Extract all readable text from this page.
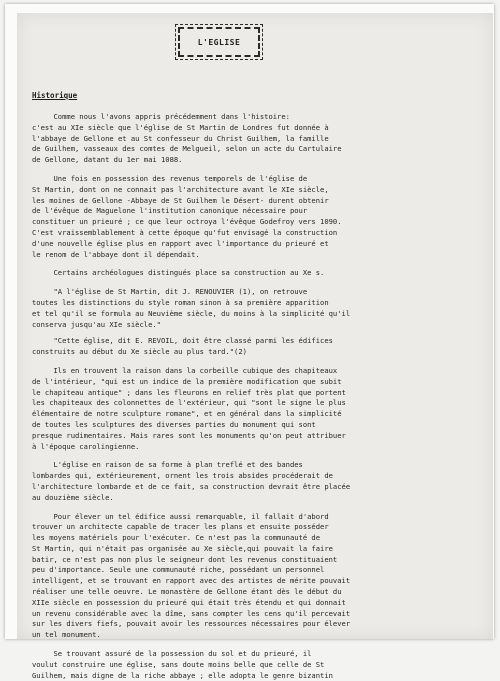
L'EGLISE
Historique

Comme nous l'avons appris précédemment dans l'histoire:

c'est au XIe siècle que l'église de St Martin de Londres fut donnée à

l'abbaye de Gellone et au St confesseur du Christ Guilhem, la famille

de Guilhem, vasseaux des comtes de Melgueil, selon un acte du Cartulaire

de Gellone, datant du 1er mai 1088.

Une fois en possession des revenus temporels de l'église de

St Martin, dont on ne connait pas l'architecture avant le XIe siècle,

les moines de Gellone -Abbaye de St Guilhem le Désert- durent obtenir

de l'évêque de Maguelone l'institution canonique nécessaire pour

constituer un prieuré ; ce que leur octroya l'évêque Godefroy vers 1090.

C'est vraissemblablement à cette époque qu'fut envisagé la construction

d'une nouvelle église plus en rapport avec l'importance du prieuré et

le renom de l'abbaye dont il dépendait.

Certains archéologues distingués place sa construction au Xe s.

"A l'église de St Martin, dit J. RENOUVIER (1), on retrouve

toutes les distinctions du style roman sinon à sa première apparition

et tel qu'il se formula au Neuvième siècle, du moins à la simplicité qu'il

conserva jusqu'au XIe siècle."

"Cette église, dit E. REVOIL, doit être classé parmi les édifices

construits au début du Xe siècle au plus tard."(2)

Ils en trouvent la raison dans la corbeille cubique des chapiteaux

de l'intérieur, "qui est un indice de la première modification que subit

le chapiteau antique" ; dans les fleurons en relief très plat que portent

les chapiteaux des colonnettes de l'extérieur, qui "sont le signe le plus

élémentaire de notre sculpture romane", et en général dans la simplicité

de toutes les sculptures des diverses parties du monument qui sont

presque rudimentaires. Mais rares sont les monuments qu'on peut attribuer

à l'époque carolingienne.

L'église en raison de sa forme à plan treflé et des bandes

lombardes qui, extérieurement, ornent les trois absides procéderait de

l'architecture lombarde et de ce fait, sa construction devrait être placée

au douzième siècle.

Pour élever un tel édifice aussi remarquable, il fallait d'abord

trouver un architecte capable de tracer les plans et ensuite posséder

les moyens matériels pour l'exécuter. Ce n'est pas la communauté de

St Martin, qui n'était pas organisée au Xe siècle,qui pouvait la faire

batir, ce n'est pas non plus le seigneur dont les revenus constituaient

peu d'importance. Seule une communauté riche, possédant un personnel

intelligent, et se trouvant en rapport avec des artistes de mérite pouvait

réaliser une telle oeuvre. Le monastère de Gellone étant dès le début du

XIIe siècle en possession du prieuré qui était très étendu et qui donnait

un revenu considérable avec la dîme, sans compter les cens qu'il percevait

sur les divers fiefs, pouvait avoir les ressources nécessaires pour élever

un tel monument.

Se trouvant assuré de la possession du sol et du prieuré, il

voulut construire une église, sans doute moins belle que celle de St

Guilhem, mais digne de la riche abbaye ; elle adopta le genre bizantin
